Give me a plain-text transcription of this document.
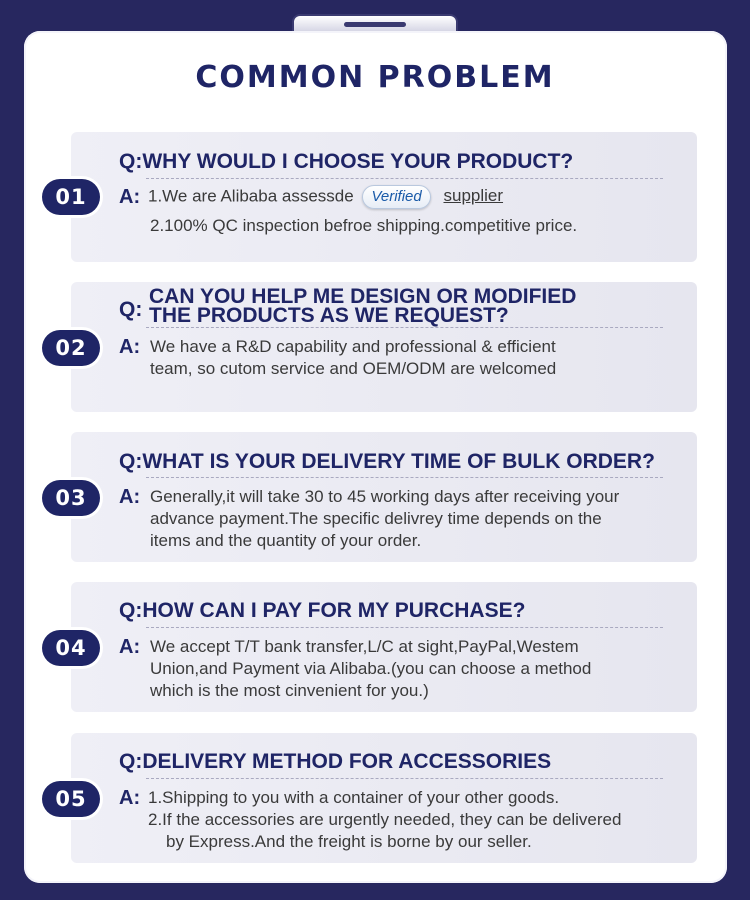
COMMON PROBLEM
01
Q:WHY WOULD I CHOOSE YOUR PRODUCT?
A: 1.We are Alibaba assessde Verified supplier
2.100% QC inspection befroe shipping.competitive price.
02
Q:
CAN YOU HELP ME DESIGN OR MODIFIED
THE PRODUCTS AS WE REQUEST?
A: We have a R&D capability and professional & efficient
team, so cutom service and OEM/ODM are welcomed
03
Q:WHAT IS YOUR DELIVERY TIME OF BULK ORDER?
A: Generally,it will take 30 to 45 working days after receiving your
advance payment.The specific delivrey time depends on the
items and the quantity of your order.
04
Q:HOW CAN I PAY FOR MY PURCHASE?
A: We accept T/T bank transfer,L/C at sight,PayPal,Westem
Union,and Payment via Alibaba.(you can choose a method
which is the most cinvenient for you.)
05
Q:DELIVERY METHOD FOR ACCESSORIES
A: 1.Shipping to you with a container of your other goods.
2.If the accessories are urgently needed, they can be delivered
by Express.And the freight is borne by our seller.
